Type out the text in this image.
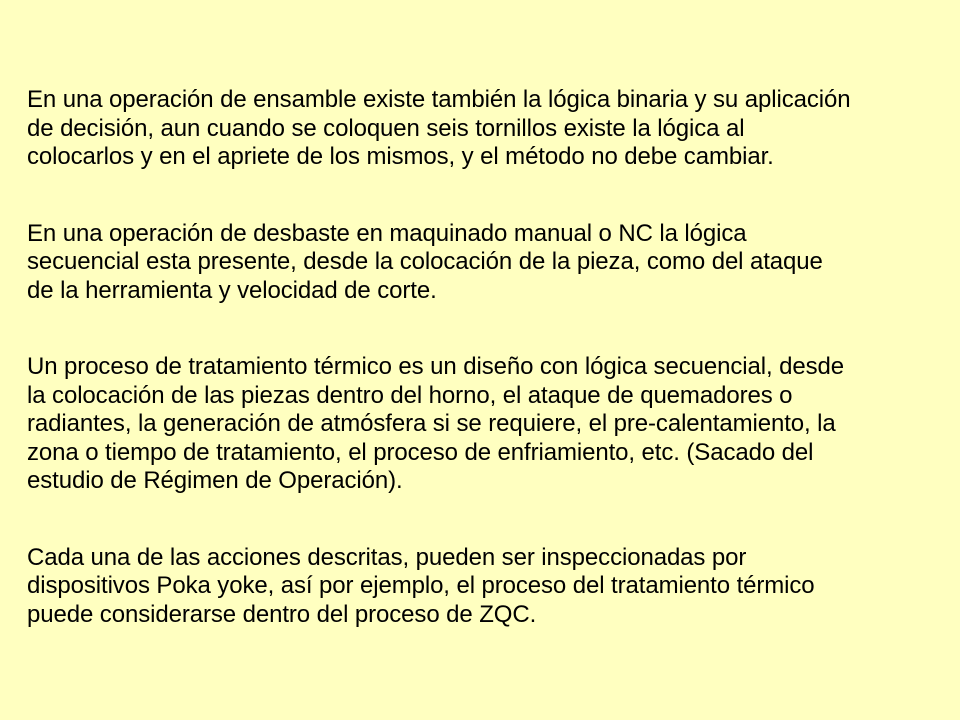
En una operación de ensamble existe también la lógica binaria y su aplicación
de decisión, aun cuando se coloquen seis tornillos existe la lógica al
colocarlos y en el apriete de los mismos, y el método no debe cambiar.

En una operación de desbaste en maquinado manual o NC la lógica
secuencial esta presente, desde la colocación de la pieza, como del ataque
de la herramienta y velocidad de corte.

Un proceso de tratamiento térmico es un diseño con lógica secuencial, desde
la colocación de las piezas dentro del horno, el ataque de quemadores o
radiantes, la generación de atmósfera si se requiere, el pre-calentamiento, la
zona o tiempo de tratamiento, el proceso de enfriamiento, etc. (Sacado del
estudio de Régimen de Operación).

Cada una de las acciones descritas, pueden ser inspeccionadas por
dispositivos Poka yoke, así por ejemplo, el proceso del tratamiento térmico
puede considerarse dentro del proceso de ZQC.
